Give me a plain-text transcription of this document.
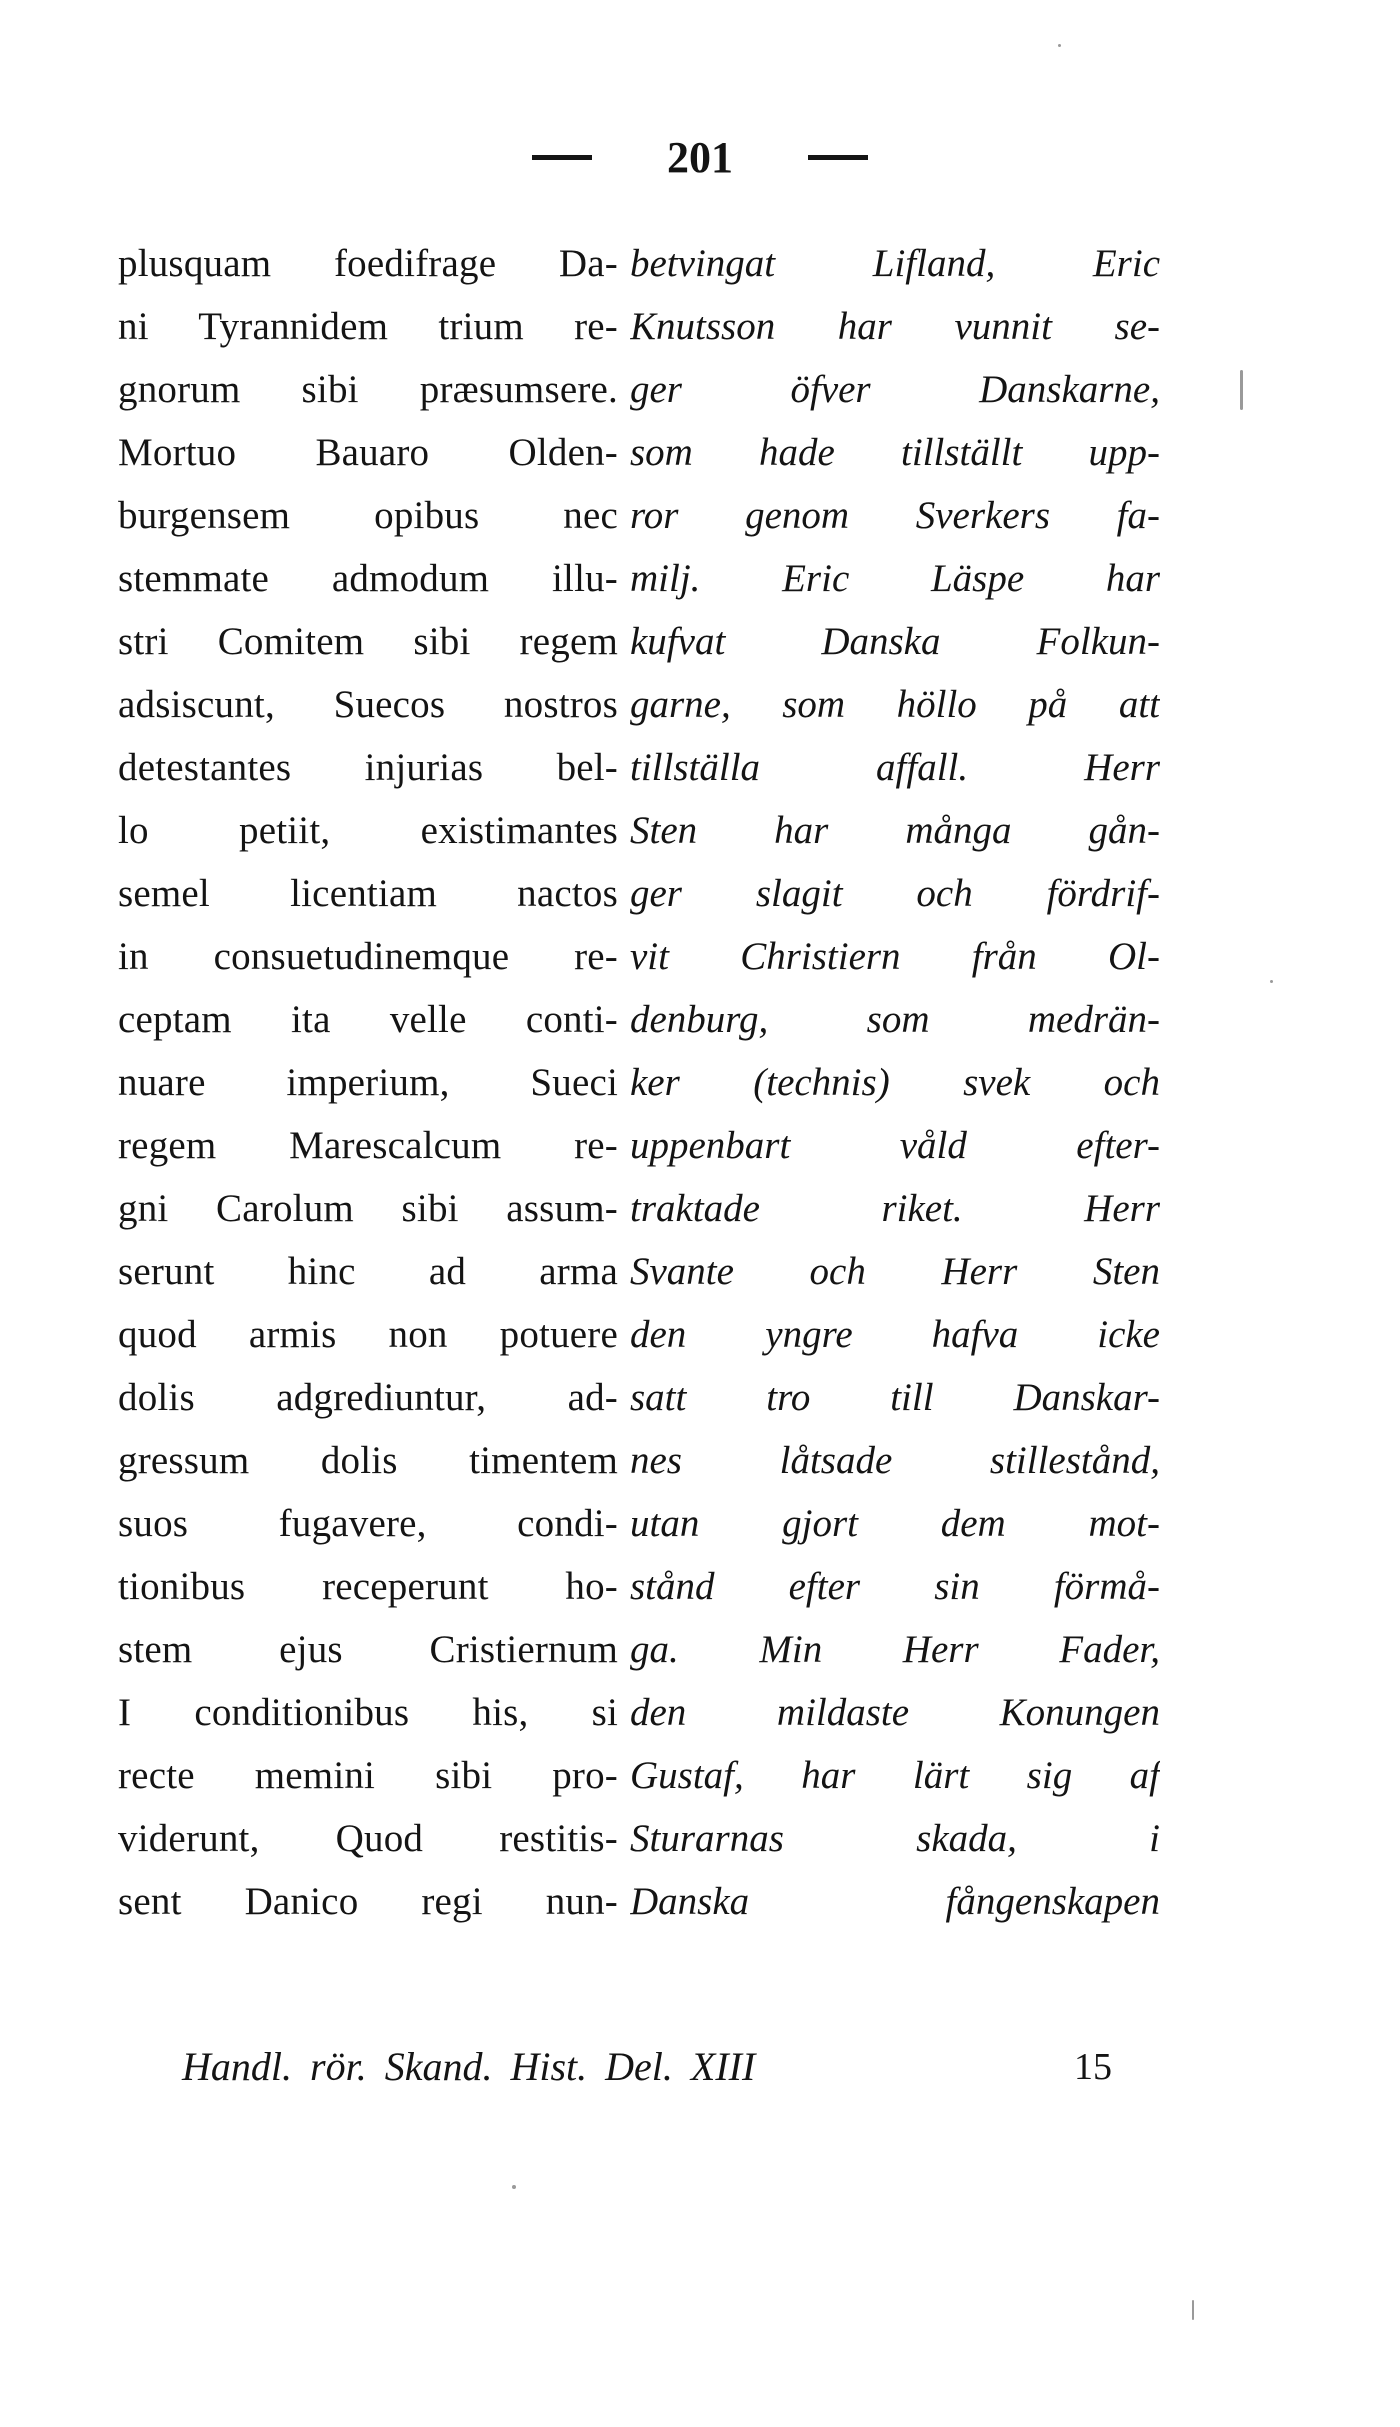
201
plusquam foedifrage Da-
ni Tyrannidem trium re-
gnorum sibi præsumsere.
Mortuo Bauaro Olden-
burgensem opibus nec
stemmate admodum illu-
stri Comitem sibi regem
adsiscunt, Suecos nostros
detestantes injurias bel-
lo petiit, existimantes
semel licentiam nactos
in consuetudinemque re-
ceptam ita velle conti-
nuare imperium, Sueci
regem Marescalcum re-
gni Carolum sibi assum-
serunt hinc ad arma
quod armis non potuere
dolis adgrediuntur, ad-
gressum dolis timentem
suos fugavere, condi-
tionibus receperunt ho-
stem ejus Cristiernum
I conditionibus his, si
recte memini sibi pro-
viderunt, Quod restitis-
sent Danico regi nun-
betvingat Lifland, Eric
Knutsson har vunnit se-
ger öfver Danskarne,
som hade tillställt upp-
ror genom Sverkers fa-
milj. Eric Läspe har
kufvat Danska Folkun-
garne, som höllo på att
tillställa affall. Herr
Sten har många gån-
ger slagit och fördrif-
vit Christiern från Ol-
denburg, som medrän-
ker (technis) svek och
uppenbart våld efter-
traktade riket. Herr
Svante och Herr Sten
den yngre hafva icke
satt tro till Danskar-
nes låtsade stillestånd,
utan gjort dem mot-
stånd efter sin förmå-
ga. Min Herr Fader,
den mildaste Konungen
Gustaf, har lärt sig af
Sturarnas skada, i
Danska fångenskapen
Handl. rör. Skand. Hist. Del. XIII	15
